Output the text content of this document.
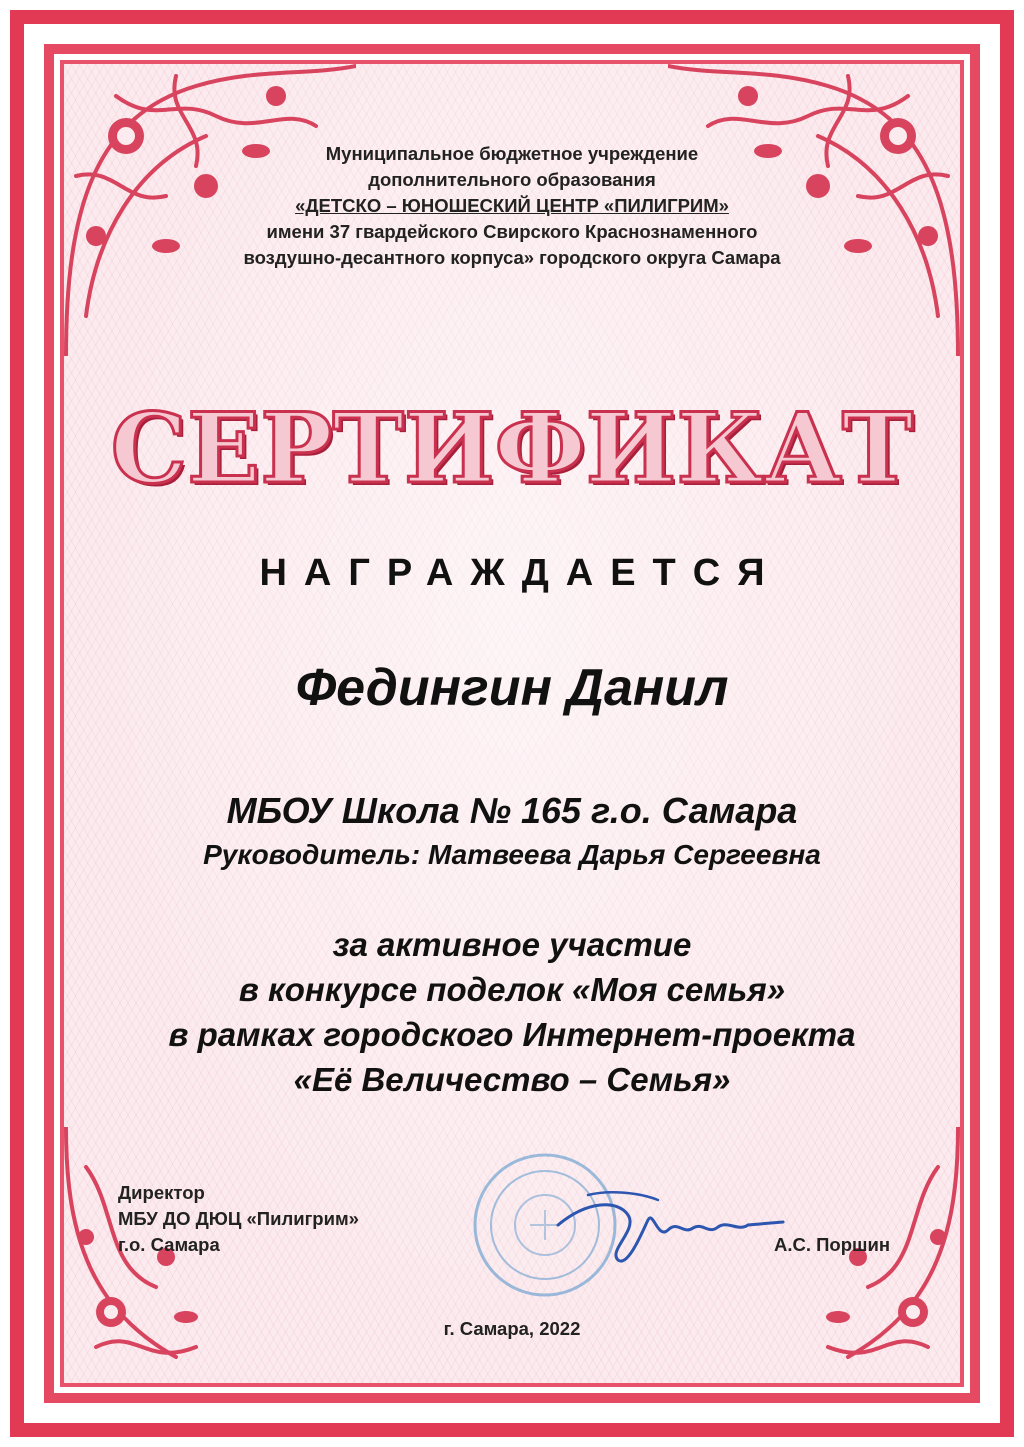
Муниципальное бюджетное учреждение
дополнительного образования
«ДЕТСКО – ЮНОШЕСКИЙ ЦЕНТР «ПИЛИГРИМ»
имени 37 гвардейского Свирского Краснознаменного
воздушно-десантного корпуса» городского округа Самара
СЕРТИФИКАТ
НАГРАЖДАЕТСЯ
Федингин Данил
МБОУ Школа № 165 г.о. Самара
Руководитель: Матвеева Дарья Сергеевна
за активное участие
в конкурсе поделок «Моя семья»
в рамках городского Интернет-проекта
«Её Величество – Семья»
Директор
МБУ ДО ДЮЦ «Пилигрим»
г.о. Самара	А.С. Поршин
г. Самара, 2022
